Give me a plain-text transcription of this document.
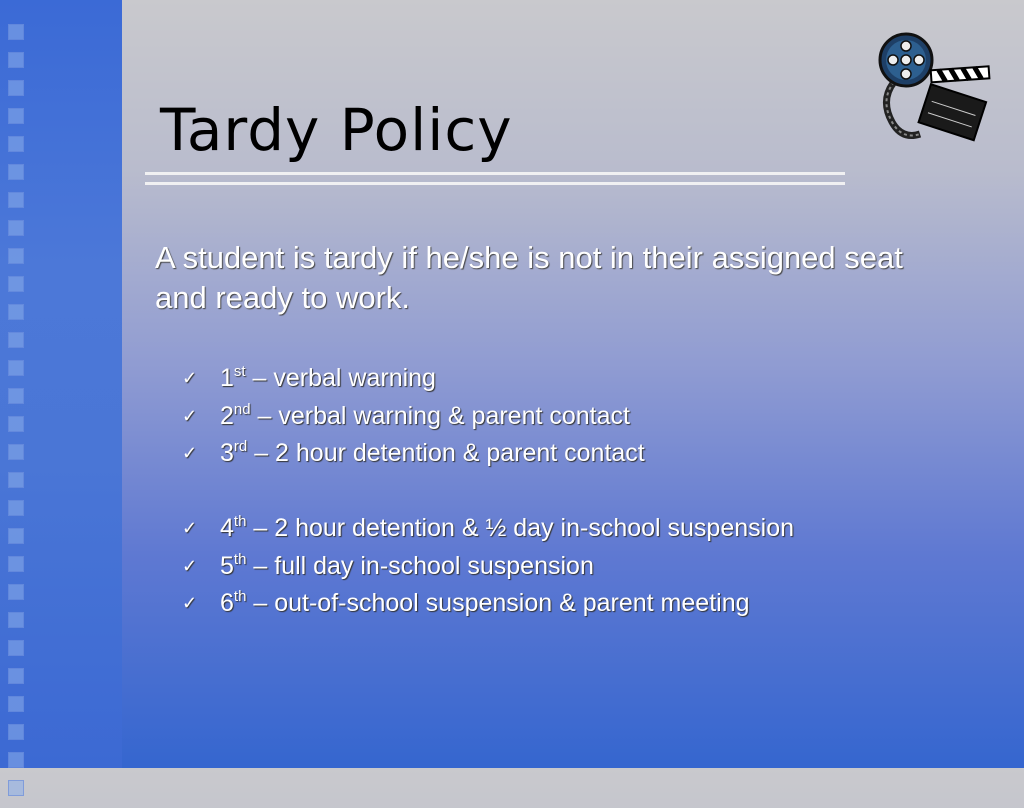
Tardy Policy

A student is tardy if he/she is not in their assigned seat and ready to work.

✓ 1st – verbal warning
✓ 2nd – verbal warning & parent contact
✓ 3rd – 2 hour detention & parent contact
✓ 4th – 2 hour detention & ½ day in-school suspension
✓ 5th – full day in-school suspension
✓ 6th – out-of-school suspension & parent meeting
